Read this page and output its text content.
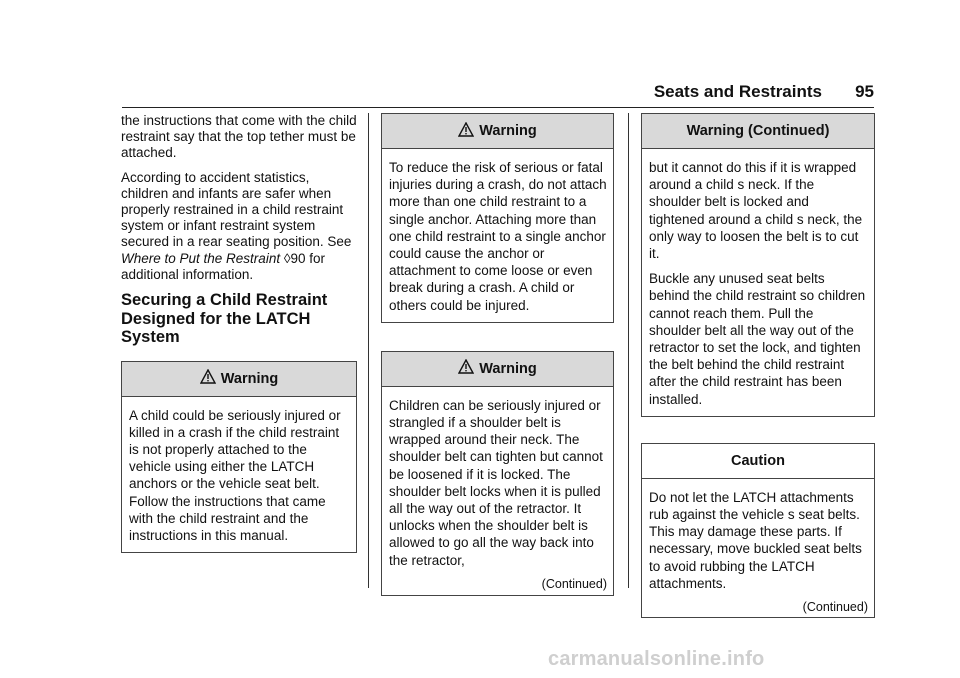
Seats and Restraints 95

the instructions that come with the child restraint say that the top tether must be attached.

According to accident statistics, children and infants are safer when properly restrained in a child restraint system or infant restraint system secured in a rear seating position. See Where to Put the Restraint ◊90 for additional information.

Securing a Child Restraint Designed for the LATCH System
Warning

A child could be seriously injured or killed in a crash if the child restraint is not properly attached to the vehicle using either the LATCH anchors or the vehicle seat belt. Follow the instructions that came with the child restraint and the instructions in this manual.

Warning

To reduce the risk of serious or fatal injuries during a crash, do not attach more than one child restraint to a single anchor. Attaching more than one child restraint to a single anchor could cause the anchor or attachment to come loose or even break during a crash. A child or others could be injured.

Warning

Children can be seriously injured or strangled if a shoulder belt is wrapped around their neck. The shoulder belt can tighten but cannot be loosened if it is locked. The shoulder belt locks when it is pulled all the way out of the retractor. It unlocks when the shoulder belt is allowed to go all the way back into the retractor,

(Continued)
Warning (Continued)

but it cannot do this if it is wrapped around a child s neck. If the shoulder belt is locked and tightened around a child s neck, the only way to loosen the belt is to cut it.

Buckle any unused seat belts behind the child restraint so children cannot reach them. Pull the shoulder belt all the way out of the retractor to set the lock, and tighten the belt behind the child restraint after the child restraint has been installed.

Caution

Do not let the LATCH attachments rub against the vehicle s seat belts. This may damage these parts. If necessary, move buckled seat belts to avoid rubbing the LATCH attachments.

(Continued)
carmanualsonline.info
